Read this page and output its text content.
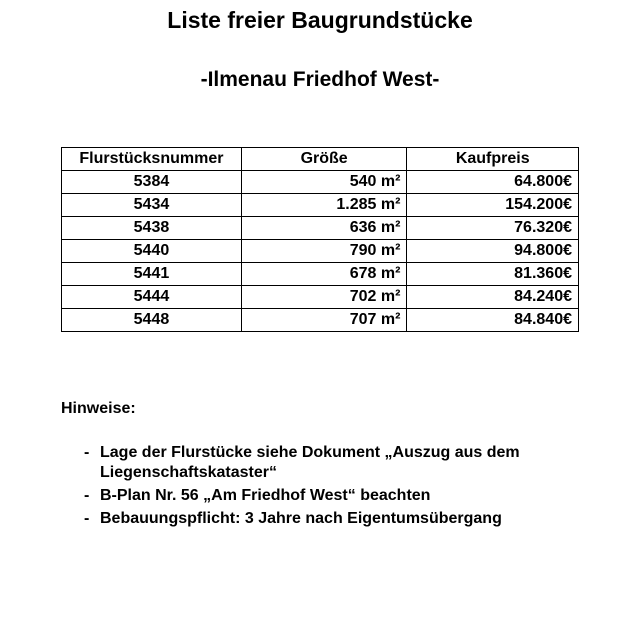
Liste freier Baugrundstücke
-Ilmenau Friedhof West-
Flurstücksnummer	Größe	Kaufpreis
5384	540 m²	64.800€
5434	1.285 m²	154.200€
5438	636 m²	76.320€
5440	790 m²	94.800€
5441	678 m²	81.360€
5444	702 m²	84.240€
5448	707 m²	84.840€
Hinweise:
- Lage der Flurstücke siehe Dokument „Auszug aus dem Liegenschaftskataster“
- B-Plan Nr. 56 „Am Friedhof West“ beachten
- Bebauungspflicht: 3 Jahre nach Eigentumsübergang
